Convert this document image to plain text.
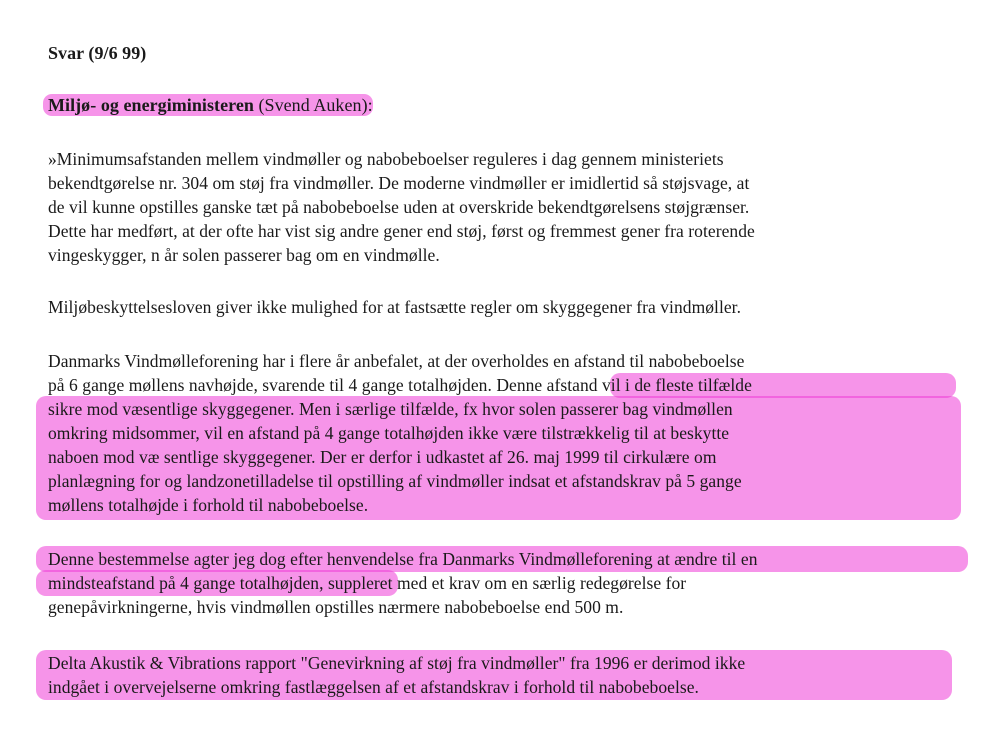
Svar (9/6 99)
Miljø- og energiministeren (Svend Auken):
»Minimumsafstanden mellem vindmøller og nabobeboelser reguleres i dag gennem ministeriets
bekendtgørelse nr. 304 om støj fra vindmøller. De moderne vindmøller er imidlertid så støjsvage, at
de vil kunne opstilles ganske tæt på nabobeboelse uden at overskride bekendtgørelsens støjgrænser.
Dette har medført, at der ofte har vist sig andre gener end støj, først og fremmest gener fra roterende
vingeskygger, n år solen passerer bag om en vindmølle.
Miljøbeskyttelsesloven giver ikke mulighed for at fastsætte regler om skyggegener fra vindmøller.
Danmarks Vindmølleforening har i flere år anbefalet, at der overholdes en afstand til nabobeboelse
på 6 gange møllens navhøjde, svarende til 4 gange totalhøjden. Denne afstand vil i de fleste tilfælde
sikre mod væsentlige skyggegener. Men i særlige tilfælde, fx hvor solen passerer bag vindmøllen
omkring midsommer, vil en afstand på 4 gange totalhøjden ikke være tilstrækkelig til at beskytte
naboen mod væ sentlige skyggegener. Der er derfor i udkastet af 26. maj 1999 til cirkulære om
planlægning for og landzonetilladelse til opstilling af vindmøller indsat et afstandskrav på 5 gange
møllens totalhøjde i forhold til nabobeboelse.
Denne bestemmelse agter jeg dog efter henvendelse fra Danmarks Vindmølleforening at ændre til en
mindsteafstand på 4 gange totalhøjden, suppleret med et krav om en særlig redegørelse for
genepåvirkningerne, hvis vindmøllen opstilles nærmere nabobeboelse end 500 m.
Delta Akustik & Vibrations rapport "Genevirkning af støj fra vindmøller" fra 1996 er derimod ikke
indgået i overvejelserne omkring fastlæggelsen af et afstandskrav i forhold til nabobeboelse.
